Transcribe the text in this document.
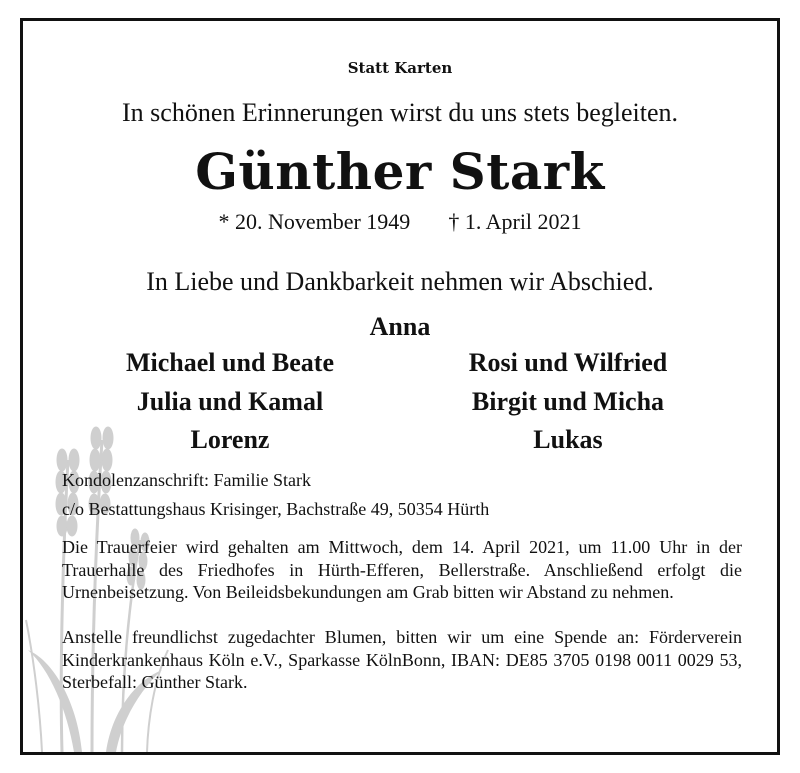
Statt Karten
In schönen Erinnerungen wirst du uns stets begleiten.
Günther Stark
* 20. November 1949 † 1. April 2021
In Liebe und Dankbarkeit nehmen wir Abschied.
Anna
Michael und Beate
Julia und Kamal
Lorenz
Rosi und Wilfried
Birgit und Micha
Lukas
Kondolenzanschrift: Familie Stark
c/o Bestattungshaus Krisinger, Bachstraße 49, 50354 Hürth
Die Trauerfeier wird gehalten am Mittwoch, dem 14. April 2021, um 11.00 Uhr in der Trauerhalle des Friedhofes in Hürth-Efferen, Bellerstraße. Anschließend erfolgt die Urnenbeisetzung. Von Beileidsbekundungen am Grab bitten wir Abstand zu nehmen.
Anstelle freundlichst zugedachter Blumen, bitten wir um eine Spende an: Förderverein Kinderkrankenhaus Köln e.V., Sparkasse KölnBonn, IBAN: DE85 3705 0198 0011 0029 53, Sterbefall: Günther Stark.
